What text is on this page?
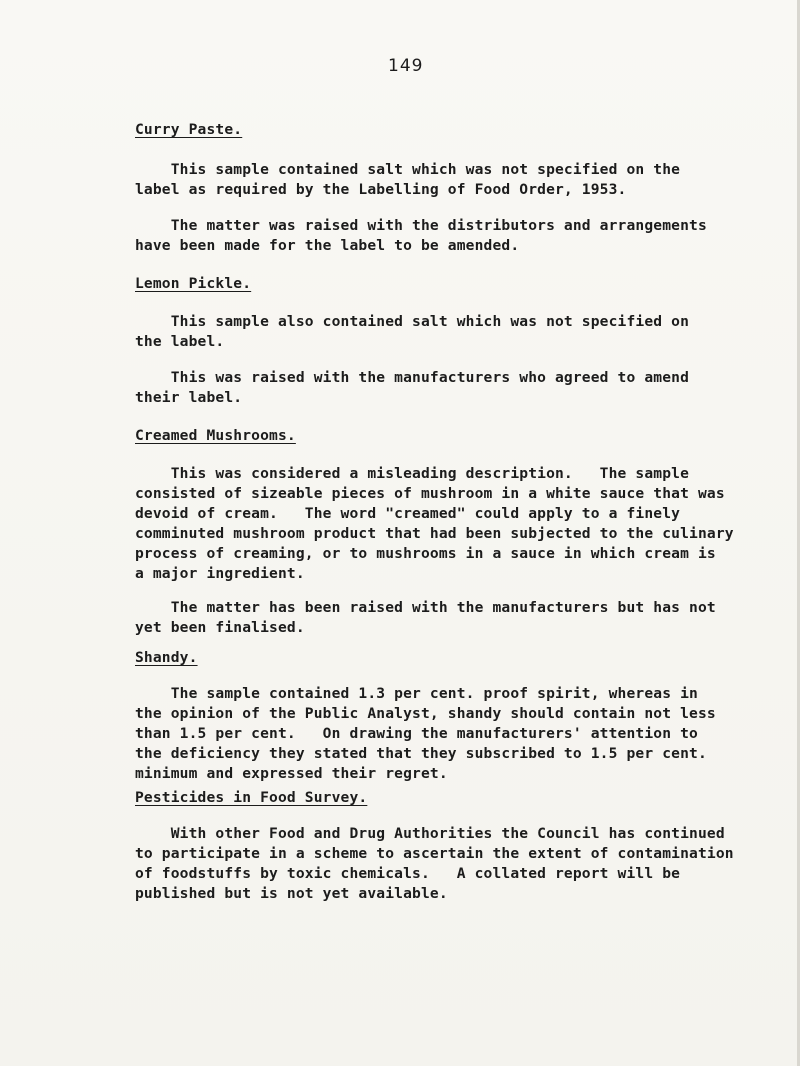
149
Curry Paste.
This sample contained salt which was not specified on the
label as required by the Labelling of Food Order, 1953.
The matter was raised with the distributors and arrangements
have been made for the label to be amended.
Lemon Pickle.
This sample also contained salt which was not specified on
the label.
This was raised with the manufacturers who agreed to amend
their label.
Creamed Mushrooms.
This was considered a misleading description.   The sample
consisted of sizeable pieces of mushroom in a white sauce that was
devoid of cream.   The word "creamed" could apply to a finely
comminuted mushroom product that had been subjected to the culinary
process of creaming, or to mushrooms in a sauce in which cream is
a major ingredient.
The matter has been raised with the manufacturers but has not
yet been finalised.
Shandy.
The sample contained 1.3 per cent. proof spirit, whereas in
the opinion of the Public Analyst, shandy should contain not less
than 1.5 per cent.   On drawing the manufacturers' attention to
the deficiency they stated that they subscribed to 1.5 per cent.
minimum and expressed their regret.
Pesticides in Food Survey.
With other Food and Drug Authorities the Council has continued
to participate in a scheme to ascertain the extent of contamination
of foodstuffs by toxic chemicals.   A collated report will be
published but is not yet available.
